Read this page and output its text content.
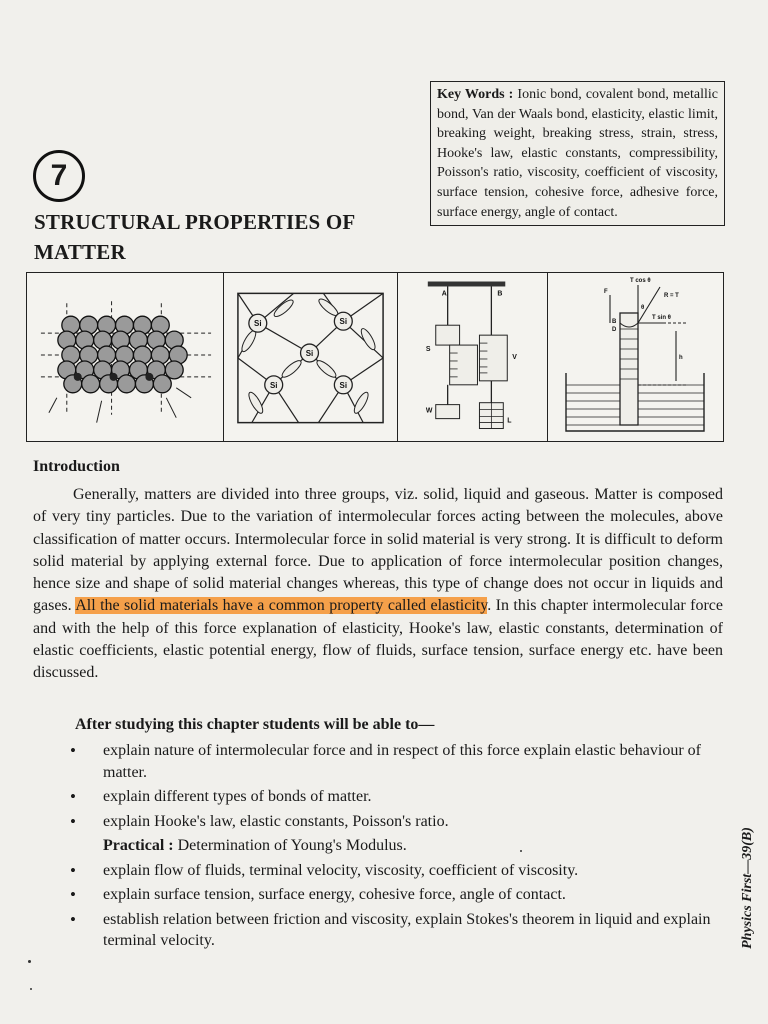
7
STRUCTURAL PROPERTIES OF
MATTER
Key Words : Ionic bond, covalent bond, metallic bond, Van der Waals bond, elasticity, elastic limit, breaking weight, breaking stress, strain, stress, Hooke's law, elastic constants, compressibility, Poisson's ratio, viscosity, coefficient of viscosity, surface tension, cohesive force, adhesive force, surface energy, angle of contact.
Si	Si
Si
Si	Si
A	B
S
V
W
L
T cos θ
R = T
T sin θ
F
θ
B
D
h
Introduction
Generally, matters are divided into three groups, viz. solid, liquid and gaseous. Matter is composed of very tiny particles. Due to the variation of intermolecular forces acting between the molecules, above classification of matter occurs. Intermolecular force in solid material is very strong. It is difficult to deform solid material by applying external force. Due to application of force intermolecular position changes, hence size and shape of solid material changes whereas, this type of change does not occur in liquids and gases. All the solid materials have a common property called elasticity. In this chapter intermolecular force and with the help of this force explanation of elasticity, Hooke's law, elastic constants, determination of elastic coefficients, elastic potential energy, flow of fluids, surface tension, surface energy etc. have been discussed.
After studying this chapter students will be able to—
• explain nature of intermolecular force and in respect of this force explain elastic behaviour of matter.
• explain different types of bonds of matter.
• explain Hooke's law, elastic constants, Poisson's ratio.
Practical : Determination of Young's Modulus.
• explain flow of fluids, terminal velocity, viscosity, coefficient of viscosity.
• explain surface tension, surface energy, cohesive force, angle of contact.
• establish relation between friction and viscosity, explain Stokes's theorem in liquid and explain terminal velocity.	Physics First—39(B)
